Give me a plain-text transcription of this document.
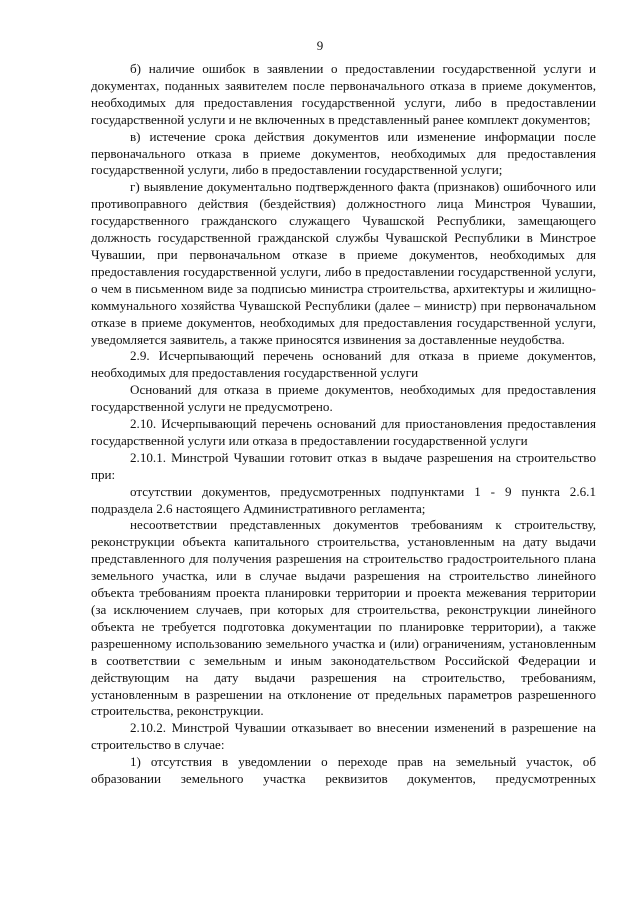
9

б) наличие ошибок в заявлении о предоставлении государственной услуги и документах, поданных заявителем после первоначального отказа в приеме документов, необходимых для предоставления государственной услуги, либо в предоставлении государственной услуги и не включенных в представленный ранее комплект документов;

в) истечение срока действия документов или изменение информации после первоначального отказа в приеме документов, необходимых для предоставления государственной услуги, либо в предоставлении государственной услуги;

г) выявление документально подтвержденного факта (признаков) ошибочного или противоправного действия (бездействия) должностного лица Минстроя Чувашии, государственного гражданского служащего Чувашской Республики, замещающего должность государственной гражданской службы Чувашской Республики в Минстрое Чувашии, при первоначальном отказе в приеме документов, необходимых для предоставления государственной услуги, либо в предоставлении государственной услуги, о чем в письменном виде за подписью министра строительства, архитектуры и жилищно-коммунального хозяйства Чувашской Республики (далее – министр) при первоначальном отказе в приеме документов, необходимых для предоставления государственной услуги, уведомляется заявитель, а также приносятся извинения за доставленные неудобства.

2.9. Исчерпывающий перечень оснований для отказа в приеме документов, необходимых для предоставления государственной услуги

Оснований для отказа в приеме документов, необходимых для предоставления государственной услуги не предусмотрено.

2.10. Исчерпывающий перечень оснований для приостановления предоставления государственной услуги или отказа в предоставлении государственной услуги

2.10.1. Минстрой Чувашии готовит отказ в выдаче разрешения на строительство при:

отсутствии документов, предусмотренных подпунктами 1 - 9 пункта 2.6.1 подраздела 2.6 настоящего Административного регламента;

несоответствии представленных документов требованиям к строительству, реконструкции объекта капитального строительства, установленным на дату выдачи представленного для получения разрешения на строительство градостроительного плана земельного участка, или в случае выдачи разрешения на строительство линейного объекта требованиям проекта планировки территории и проекта межевания территории (за исключением случаев, при которых для строительства, реконструкции линейного объекта не требуется подготовка документации по планировке территории), а также разрешенному использованию земельного участка и (или) ограничениям, установленным в соответствии с земельным и иным законодательством Российской Федерации и действующим на дату выдачи разрешения на строительство, требованиям, установленным в разрешении на отклонение от предельных параметров разрешенного строительства, реконструкции.

2.10.2. Минстрой Чувашии отказывает во внесении изменений в разрешение на строительство в случае:

1) отсутствия в уведомлении о переходе прав на земельный участок, об образовании земельного участка реквизитов документов, предусмотренных
